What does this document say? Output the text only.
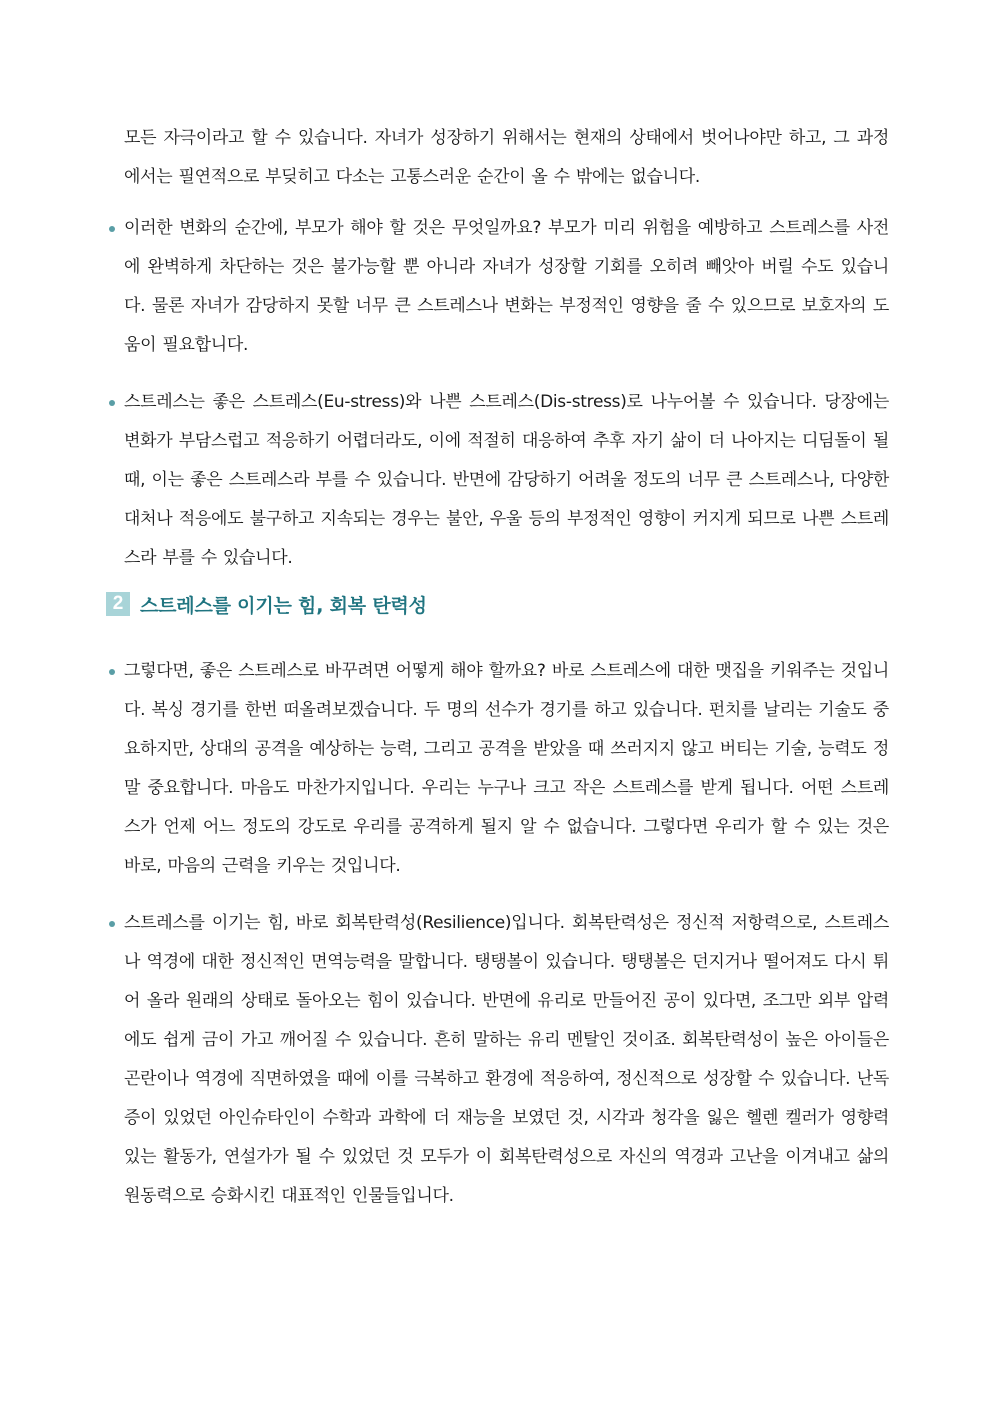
모든 자극이라고 할 수 있습니다. 자녀가 성장하기 위해서는 현재의 상태에서 벗어나야만 하고, 그 과정에서는 필연적으로 부딪히고 다소는 고통스러운 순간이 올 수 밖에는 없습니다.

이러한 변화의 순간에, 부모가 해야 할 것은 무엇일까요? 부모가 미리 위험을 예방하고 스트레스를 사전에 완벽하게 차단하는 것은 불가능할 뿐 아니라 자녀가 성장할 기회를 오히려 빼앗아 버릴 수도 있습니다. 물론 자녀가 감당하지 못할 너무 큰 스트레스나 변화는 부정적인 영향을 줄 수 있으므로 보호자의 도움이 필요합니다.

스트레스는 좋은 스트레스(Eu-stress)와 나쁜 스트레스(Dis-stress)로 나누어볼 수 있습니다. 당장에는 변화가 부담스럽고 적응하기 어렵더라도, 이에 적절히 대응하여 추후 자기 삶이 더 나아지는 디딤돌이 될 때, 이는 좋은 스트레스라 부를 수 있습니다. 반면에 감당하기 어려울 정도의 너무 큰 스트레스나, 다양한 대처나 적응에도 불구하고 지속되는 경우는 불안, 우울 등의 부정적인 영향이 커지게 되므로 나쁜 스트레스라 부를 수 있습니다.

2 스트레스를 이기는 힘, 회복 탄력성

그렇다면, 좋은 스트레스로 바꾸려면 어떻게 해야 할까요? 바로 스트레스에 대한 맷집을 키워주는 것입니다. 복싱 경기를 한번 떠올려보겠습니다. 두 명의 선수가 경기를 하고 있습니다. 펀치를 날리는 기술도 중요하지만, 상대의 공격을 예상하는 능력, 그리고 공격을 받았을 때 쓰러지지 않고 버티는 기술, 능력도 정말 중요합니다. 마음도 마찬가지입니다. 우리는 누구나 크고 작은 스트레스를 받게 됩니다. 어떤 스트레스가 언제 어느 정도의 강도로 우리를 공격하게 될지 알 수 없습니다. 그렇다면 우리가 할 수 있는 것은 바로, 마음의 근력을 키우는 것입니다.

스트레스를 이기는 힘, 바로 회복탄력성(Resilience)입니다. 회복탄력성은 정신적 저항력으로, 스트레스나 역경에 대한 정신적인 면역능력을 말합니다. 탱탱볼이 있습니다. 탱탱볼은 던지거나 떨어져도 다시 튀어 올라 원래의 상태로 돌아오는 힘이 있습니다. 반면에 유리로 만들어진 공이 있다면, 조그만 외부 압력에도 쉽게 금이 가고 깨어질 수 있습니다. 흔히 말하는 유리 멘탈인 것이죠. 회복탄력성이 높은 아이들은 곤란이나 역경에 직면하였을 때에 이를 극복하고 환경에 적응하여, 정신적으로 성장할 수 있습니다. 난독증이 있었던 아인슈타인이 수학과 과학에 더 재능을 보였던 것, 시각과 청각을 잃은 헬렌 켈러가 영향력 있는 활동가, 연설가가 될 수 있었던 것 모두가 이 회복탄력성으로 자신의 역경과 고난을 이겨내고 삶의 원동력으로 승화시킨 대표적인 인물들입니다.
